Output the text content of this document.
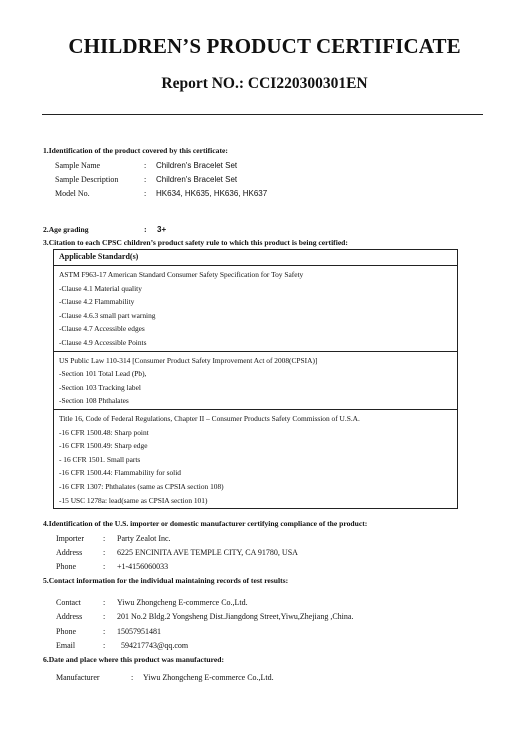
CHILDREN’S PRODUCT CERTIFICATE
Report NO.: CCI220300301EN
1.Identification of the product covered by this certificate:
Sample Name	: Children's Bracelet Set
Sample Description	: Children's Bracelet Set
Model No.	: HK634, HK635, HK636, HK637
2.Age grading	: 3+
3.Citation to each CPSC children’s product safety rule to which this product is being certified:
Applicable Standard(s)
ASTM F963-17 American Standard Consumer Safety Specification for Toy Safety
-Clause 4.1 Material quality
-Clause 4.2 Flammability
-Clause 4.6.3 small part warning
-Clause 4.7 Accessible edges
-Clause 4.9 Accessible Points
US Public Law 110-314 [Consumer Product Safety Improvement Act of 2008(CPSIA)]
-Section 101 Total Lead (Pb),
-Section 103 Tracking label
-Section 108 Phthalates
Title 16, Code of Federal Regulations, Chapter II – Consumer Products Safety Commission of U.S.A.
-16 CFR 1500.48: Sharp point
-16 CFR 1500.49: Sharp edge
- 16 CFR 1501. Small parts
-16 CFR 1500.44: Flammability for solid
-16 CFR 1307: Phthalates (same as CPSIA section 108)
-15 USC 1278a: lead(same as CPSIA section 101)
4.Identification of the U.S. importer or domestic manufacturer certifying compliance of the product:
Importer : Party Zealot Inc.
Address	: 6225 ENCINITA AVE TEMPLE CITY, CA 91780, USA
Phone	: +1-4156060033
5.Contact information for the individual maintaining records of test results:
Contact	: Yiwu Zhongcheng E-commerce Co.,Ltd.
Address	: 201 No.2 Bldg.2 Yongsheng Dist.Jiangdong Street,Yiwu,Zhejiang ,China.
Phone	: 15057951481
Email	: 594217743@qq.com
6.Date and place where this product was manufactured:
Manufacturer	: Yiwu Zhongcheng E-commerce Co.,Ltd.
